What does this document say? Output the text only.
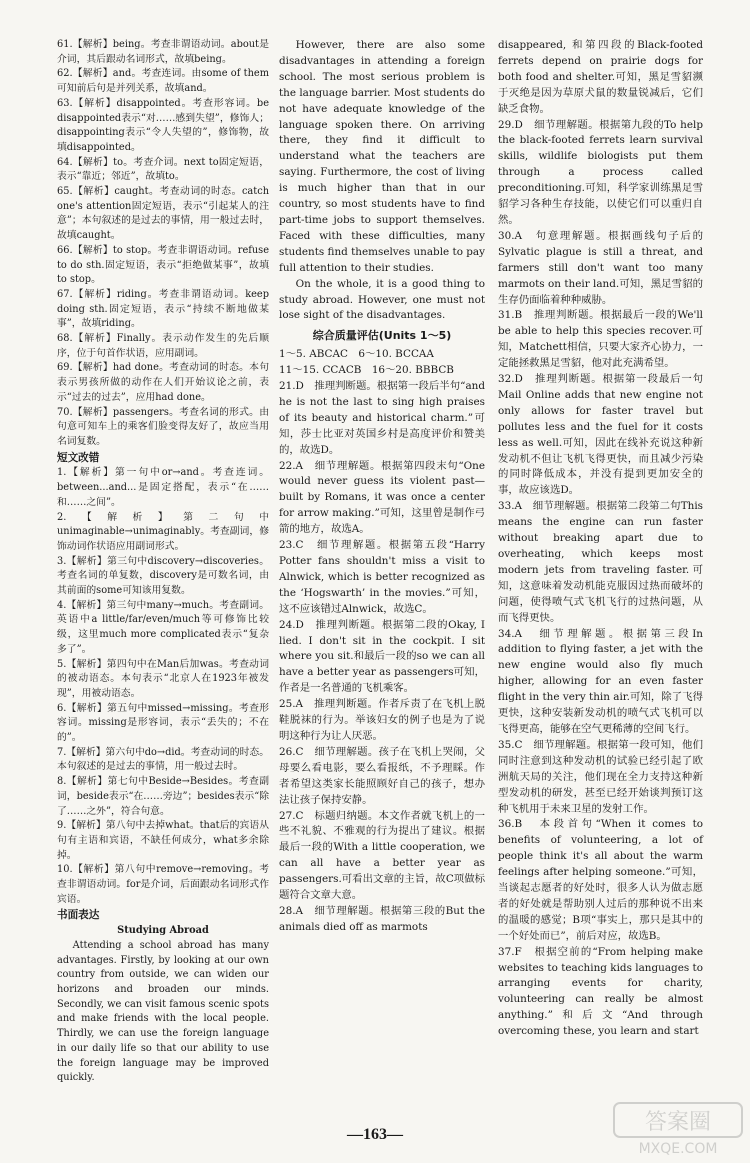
61.【解析】being。考查非谓语动词。about是介词，其后跟动名词形式，故填being。

62.【解析】and。考查连词。由some of them可知前后句是并列关系，故填and。

63.【解析】disappointed。考查形容词。be disappointed表示“对……感到失望”，修饰人；disappointing表示“令人失望的”，修饰物，故填disappointed。

64.【解析】to。考查介词。next to固定短语，表示“靠近；邻近”，故填to。

65.【解析】caught。考查动词的时态。catch one's attention固定短语，表示“引起某人的注意”；本句叙述的是过去的事情，用一般过去时，故填caught。

66.【解析】to stop。考查非谓语动词。refuse to do sth.固定短语，表示“拒绝做某事”，故填to stop。

67.【解析】riding。考查非谓语动词。keep doing sth.固定短语，表示“持续不断地做某事”，故填riding。

68.【解析】Finally。表示动作发生的先后顺序，位于句首作状语，应用副词。

69.【解析】had done。考查动词的时态。本句表示男孩所做的动作在人们开始议论之前，表示“过去的过去”，应用had done。

70.【解析】passengers。考查名词的形式。由句意可知车上的乘客们脸变得友好了，故应当用名词复数。

短文改错

1.【解析】第一句中or→and。考查连词。between...and...是固定搭配，表示“在……和……之间”。

2.【解析】第二句中unimaginable→unimaginably。考查副词，修饰动词作状语应用副词形式。

3.【解析】第三句中discovery→discoveries。考查名词的单复数，discovery是可数名词，由其前面的some可知该用复数。

4.【解析】第三句中many→much。考查副词。英语中a little/far/even/much等可修饰比较级，这里much more complicated表示“复杂多了”。

5.【解析】第四句中在Man后加was。考查动词的被动语态。本句表示“北京人在1923年被发现”，用被动语态。

6.【解析】第五句中missed→missing。考查形容词。missing是形容词，表示“丢失的；不在的”。

7.【解析】第六句中do→did。考查动词的时态。本句叙述的是过去的事情，用一般过去时。

8.【解析】第七句中Beside→Besides。考查副词，beside表示“在……旁边”；besides表示“除了……之外”，符合句意。

9.【解析】第八句中去掉what。that后的宾语从句有主语和宾语，不缺任何成分，what多余除掉。

10.【解析】第八句中remove→removing。考查非谓语动词。for是介词，后面跟动名词形式作宾语。

书面表达
Studying Abroad

Attending a school abroad has many advantages. Firstly, by looking at our own country from outside, we can widen our horizons and broaden our minds. Secondly, we can visit famous scenic spots and make friends with the local people. Thirdly, we can use the foreign language in our daily life so that our ability to use the foreign language may be improved quickly.

However, there are also some disadvantages in attending a foreign school. The most serious problem is the language barrier. Most students do not have adequate knowledge of the language spoken there. On arriving there, they find it difficult to understand what the teachers are saying. Furthermore, the cost of living is much higher than that in our country, so most students have to find part-time jobs to support themselves. Faced with these difficulties, many students find themselves unable to pay full attention to their studies.

On the whole, it is a good thing to study abroad. However, one must not lose sight of the disadvantages.

综合质量评估(Units 1～5)
1～5. ABCAC　6～10. BCCAA
11～15. CCACB　16～20. BBBCB

21.D　推理判断题。根据第一段后半句“and he is not the last to sing high praises of its beauty and historical charm.”可知，莎士比亚对英国乡村是高度评价和赞美的，故选D。

22.A　细节理解题。根据第四段末句“One would never guess its violent past—built by Romans, it was once a center for arrow making.”可知，这里曾是制作弓箭的地方，故选A。

23.C　细节理解题。根据第五段“Harry Potter fans shouldn't miss a visit to Alnwick, which is better recognized as the ‘Hogswarth’ in the movies.”可知，这不应该错过Alnwick，故选C。

24.D　推理判断题。根据第二段的Okay, I lied. I don't sit in the cockpit. I sit where you sit.和最后一段的so we can all have a better year as passengers可知，作者是一名普通的飞机乘客。

25.A　推理判断题。作者斥责了在飞机上脱鞋脱袜的行为。举该妇女的例子也是为了说明这种行为让人厌恶。

26.C　细节理解题。孩子在飞机上哭闹，父母要么看电影，要么看报纸，不予理睬。作者希望这类家长能照顾好自己的孩子，想办法让孩子保持安静。

27.C　标题归纳题。本文作者就飞机上的一些不礼貌、不雅观的行为提出了建议。根据最后一段的With a little cooperation, we can all have a better year as passengers.可看出文章的主旨，故C项做标题符合文章大意。

28.A　细节理解题。根据第三段的But the animals died off as marmots

disappeared, 和第四段的Black-footed ferrets depend on prairie dogs for both food and shelter.可知，黑足雪貂濒于灭绝是因为草原犬鼠的数量锐减后，它们缺乏食物。

29.D　细节理解题。根据第九段的To help the black-footed ferrets learn survival skills, wildlife biologists put them through a process called preconditioning.可知，科学家训练黑足雪貂学习各种生存技能，以使它们可以重归自然。

30.A　句意理解题。根据画线句子后的Sylvatic plague is still a threat, and farmers still don't want too many marmots on their land.可知，黑足雪貂的生存仍面临着种种威胁。

31.B　推理判断题。根据最后一段的We'll be able to help this species recover.可知，Matchett相信，只要大家齐心协力，一定能拯救黑足雪貂，他对此充满希望。

32.D　推理判断题。根据第一段最后一句Mail Online adds that new engine not only allows for faster travel but pollutes less and the fuel for it costs less as well.可知，因此在线补充说这种新发动机不但让飞机飞得更快，而且减少污染的同时降低成本，并没有提到更加安全的事，故应该选D。

33.A　细节理解题。根据第二段第二句This means the engine can run faster without breaking apart due to overheating, which keeps most modern jets from traveling faster.可知，这意味着发动机能克服因过热而破坏的问题，使得喷气式飞机飞行的过热问题，从而飞得更快。

34.A　细节理解题。根据第三段In addition to flying faster, a jet with the new engine would also fly much higher, allowing for an even faster flight in the very thin air.可知，除了飞得更快，这种安装新发动机的喷气式飞机可以飞得更高，能够在空气更稀薄的空间飞行。

35.C　细节理解题。根据第一段可知，他们同时注意到这种发动机的试验已经引起了欧洲航天局的关注，他们现在全力支持这种新型发动机的研发，甚至已经开始谈判预订这种飞机用于未来卫星的发射工作。

36.B　本段首句“When it comes to benefits of volunteering, a lot of people think it's all about the warm feelings after helping someone.”可知，当谈起志愿者的好处时，很多人认为做志愿者的好处就是帮助别人过后的那种说不出来的温暖的感觉；B项“事实上，那只是其中的一个好处而已”，前后对应，故选B。

37.F　根据空前的“From helping make websites to teaching kids languages to arranging events for charity, volunteering can really be almost anything.”和后文“And through overcoming these, you learn and start

—163—	答案圈
MXQE.COM
